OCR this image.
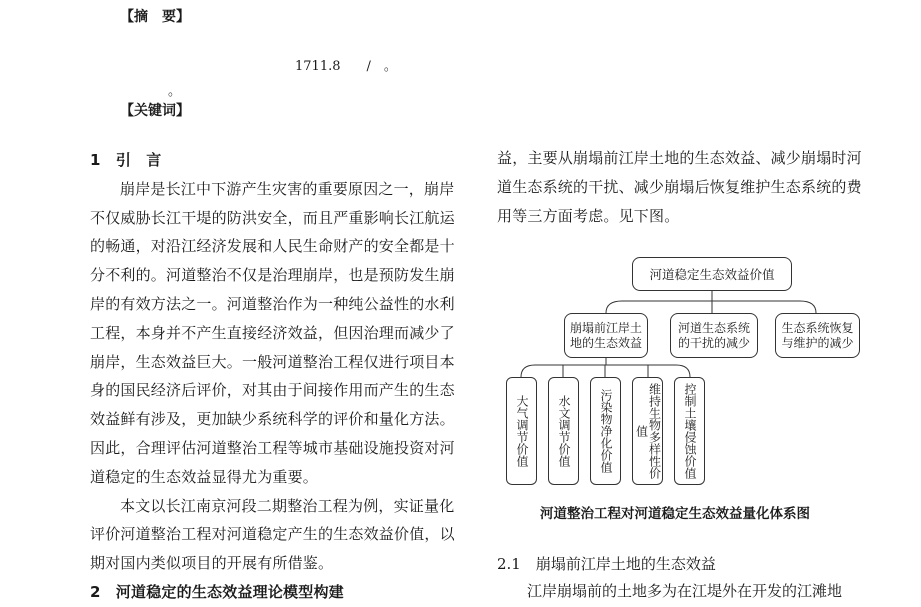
【摘　要】
1711.8　　/　。
。
【关键词】

1　引　言

崩岸是长江中下游产生灾害的重要原因之一，崩岸不仅威胁长江干堤的防洪安全，而且严重影响长江航运的畅通，对沿江经济发展和人民生命财产的安全都是十分不利的。河道整治不仅是治理崩岸，也是预防发生崩岸的有效方法之一。河道整治作为一种纯公益性的水利工程，本身并不产生直接经济效益，但因治理而减少了崩岸，生态效益巨大。一般河道整治工程仅进行项目本身的国民经济后评价，对其由于间接作用而产生的生态效益鲜有涉及，更加缺少系统科学的评价和量化方法。因此，合理评估河道整治工程等城市基础设施投资对河道稳定的生态效益显得尤为重要。

本文以长江南京河段二期整治工程为例，实证量化评价河道整治工程对河道稳定产生的生态效益价值，以期对国内类似项目的开展有所借鉴。

2　河道稳定的生态效益理论模型构建

益，主要从崩塌前江岸土地的生态效益、减少崩塌时河道生态系统的干扰、减少崩塌后恢复维护生态系统的费用等三方面考虑。见下图。
河道稳定生态效益价值
崩塌前江岸土地的生态效益
河道生态系统的干扰的减少
生态系统恢复与维护的减少
大气调节价值	水文调节价值	污染物净化价值	维持生物多样性价值	控制土壤侵蚀价值
河道整治工程对河道稳定生态效益量化体系图
2.1　崩塌前江岸土地的生态效益
江岸崩塌前的土地多为在江堤外在开发的江滩地
